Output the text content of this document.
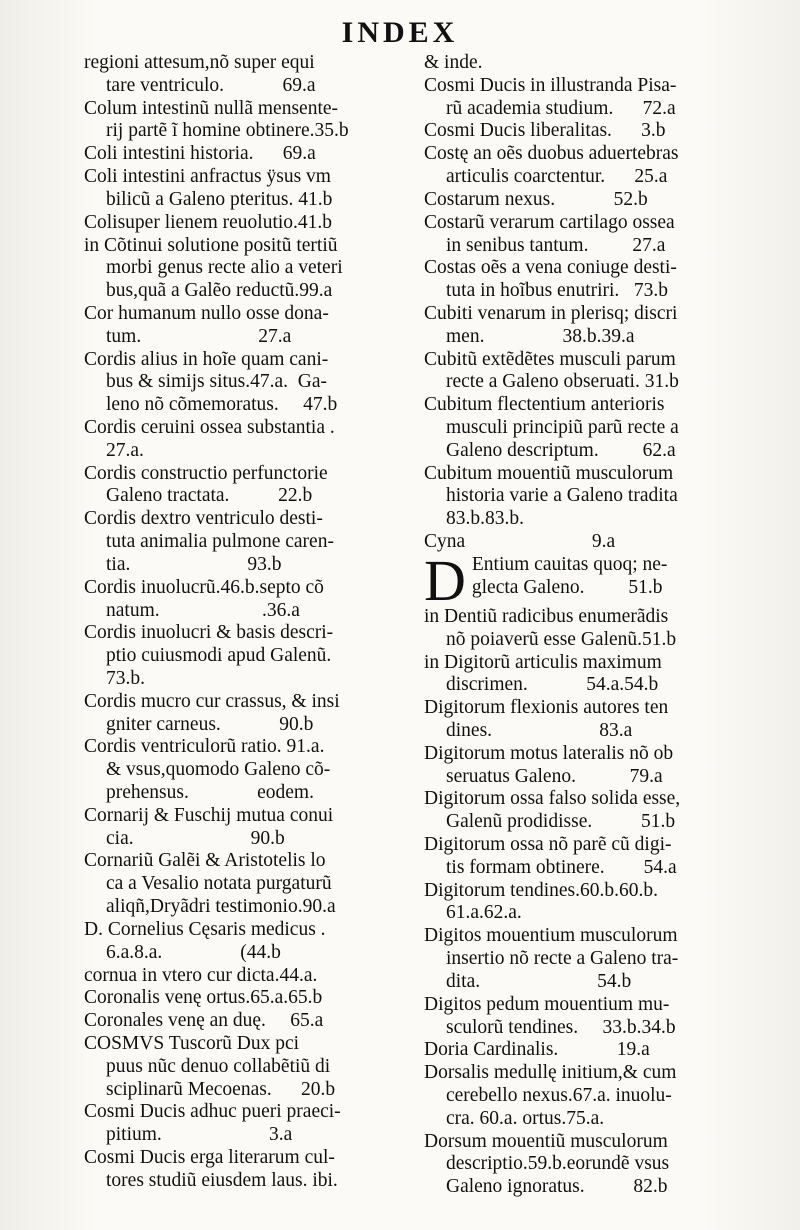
INDEX
regioni attesum,nõ super equi
tare ventriculo.            69.a
Colum intestinũ nullã mensente-
rij partẽ ĩ homine obtinere.35.b
Coli intestini historia.      69.a
Coli intestini anfractus ÿsus vm
bilicũ a Galeno pteritus. 41.b
Colisuper lienem reuolutio.41.b
in Cõtinui solutione positũ tertiũ
morbi genus recte alio a veteri
bus,quã a Galẽo reductũ.99.a
Cor humanum nullo osse dona-
tum.                        27.a
Cordis alius in hoĩe quam cani-
bus & simijs situs.47.a.  Ga-
leno nõ cõmemoratus.     47.b
Cordis ceruini ossea substantia .
27.a.
Cordis constructio perfunctorie
Galeno tractata.          22.b
Cordis dextro ventriculo desti-
tuta animalia pulmone caren-
tia.                        93.b
Cordis inuolucrũ.46.b.septo cõ
natum.                     .36.a
Cordis inuolucri & basis descri-
ptio cuiusmodi apud Galenũ.
73.b.
Cordis mucro cur crassus, & insi
gniter carneus.            90.b
Cordis ventriculorũ ratio. 91.a.
& vsus,quomodo Galeno cõ-
prehensus.              eodem.
Cornarij & Fuschij mutua conui
cia.                        90.b
Cornariũ Galẽi & Aristotelis lo
ca a Vesalio notata purgaturũ
aliqñ,Dryãdri testimonio.90.a
D. Cornelius Cęsaris medicus .
6.a.8.a.                (44.b
cornua in vtero cur dicta.44.a.
Coronalis venę ortus.65.a.65.b
Coronales venę an duę.     65.a
COSMVS Tuscorũ Dux pci
puus nũc denuo collabẽtiũ di
sciplinarũ Mecoenas.      20.b
Cosmi Ducis adhuc pueri praeci-
pitium.                      3.a
Cosmi Ducis erga literarum cul-
tores studiũ eiusdem laus. ibi.
& inde.
Cosmi Ducis in illustranda Pisa-
rũ academia studium.      72.a
Cosmi Ducis liberalitas.      3.b
Costę an oẽs duobus aduertebras
articulis coarctentur.      25.a
Costarum nexus.            52.b
Costarũ verarum cartilago ossea
in senibus tantum.         27.a
Costas oẽs a vena coniuge desti-
tuta in hoĩbus enutriri.   73.b
Cubiti venarum in plerisq; discri
men.                38.b.39.a
Cubitũ extẽdẽtes musculi parum
recte a Galeno obseruati. 31.b
Cubitum flectentium anterioris
musculi principiũ parũ recte a
Galeno descriptum.         62.a
Cubitum mouentiũ musculorum
historia varie a Galeno tradita
83.b.83.b.
Cyna                          9.a
D Entium cauitas quoq; ne-
glecta Galeno.         51.b
in Dentiũ radicibus enumerãdis
nõ poiaverũ esse Galenũ.51.b
in Digitorũ articulis maximum
discrimen.            54.a.54.b
Digitorum flexionis autores ten
dines.                      83.a
Digitorum motus lateralis nõ ob
seruatus Galeno.           79.a
Digitorum ossa falso solida esse,
Galenũ prodidisse.          51.b
Digitorum ossa nõ parẽ cũ digi-
tis formam obtinere.        54.a
Digitorum tendines.60.b.60.b.
61.a.62.a.
Digitos mouentium musculorum
insertio nõ recte a Galeno tra-
dita.                        54.b
Digitos pedum mouentium mu-
sculorũ tendines.     33.b.34.b
Doria Cardinalis.            19.a
Dorsalis medullę initium,& cum
cerebello nexus.67.a. inuolu-
cra. 60.a. ortus.75.a.
Dorsum mouentiũ musculorum
descriptio.59.b.eorundẽ vsus
Galeno ignoratus.          82.b
